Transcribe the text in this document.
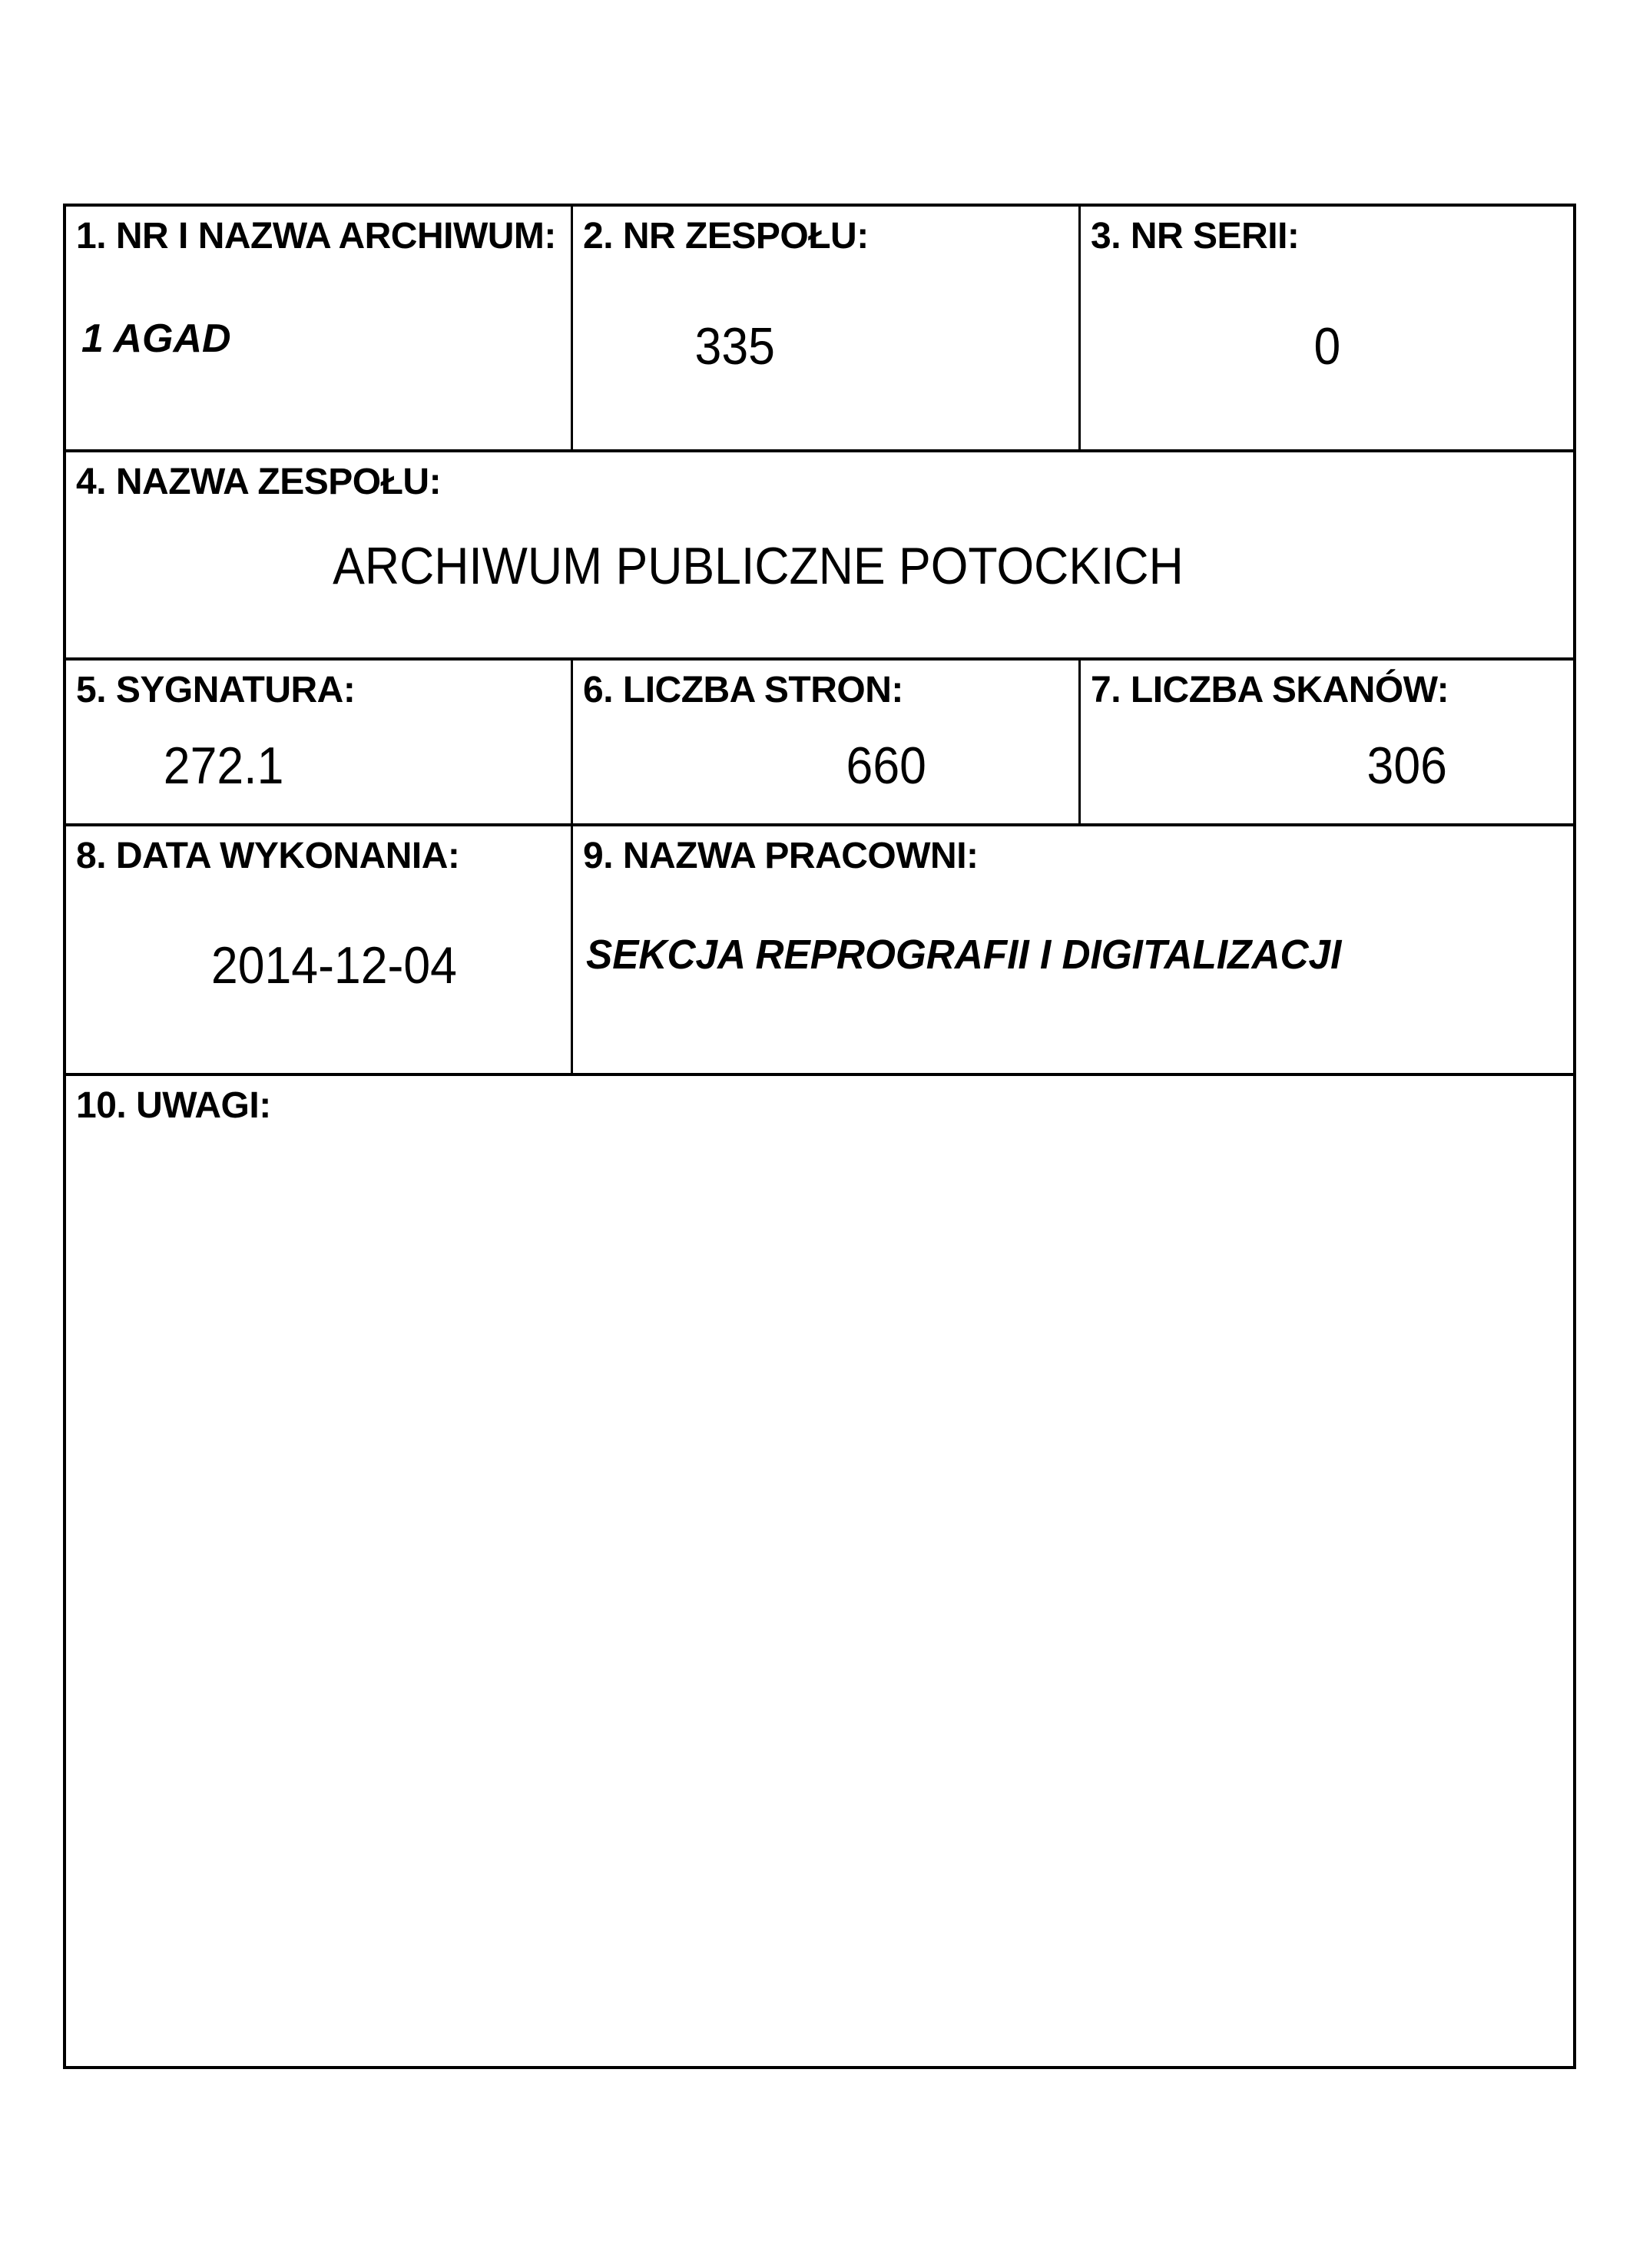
1. NR I NAZWA ARCHIWUM:
1 AGAD
2. NR ZESPOŁU:
335
3. NR SERII:
0
4. NAZWA ZESPOŁU:
ARCHIWUM PUBLICZNE POTOCKICH
5. SYGNATURA:
272.1
6. LICZBA STRON:
660
7. LICZBA SKANÓW:
306
8. DATA WYKONANIA:
2014-12-04
9. NAZWA PRACOWNI:
SEKCJA REPROGRAFII I DIGITALIZACJI
10. UWAGI:
